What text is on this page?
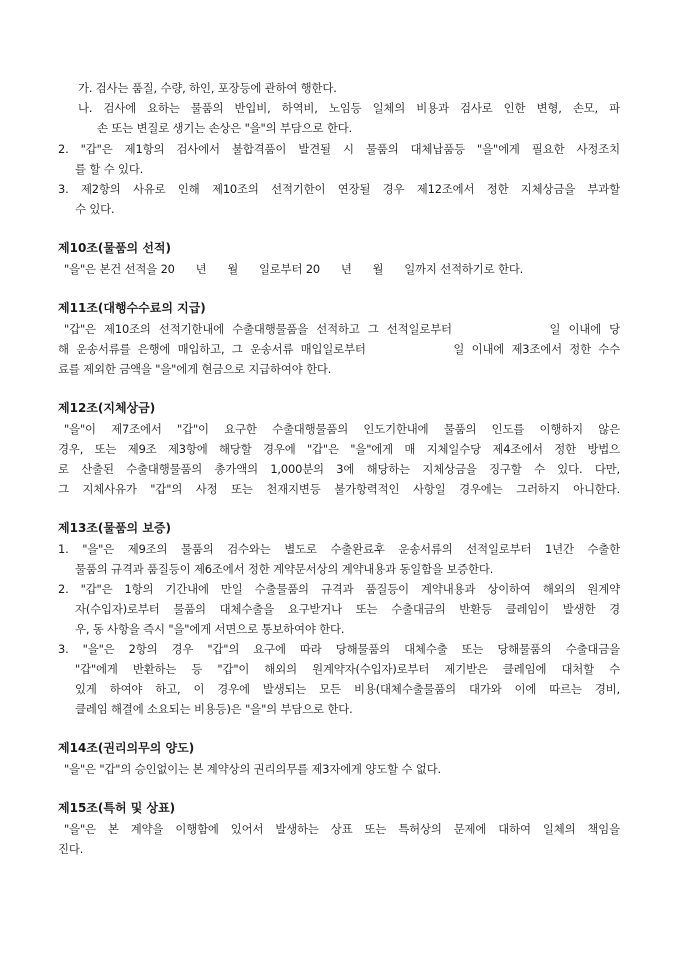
가. 검사는 품질, 수량, 하인, 포장등에 관하여 행한다.
나. 검사에 요하는 물품의 반입비, 하역비, 노임등 일체의 비용과 검사로 인한 변형, 손모, 파
손 또는 변질로 생기는 손상은 "을"의 부담으로 한다.
2. "갑"은 제1항의 검사에서 불합격품이 발견될 시 물품의 대체납품등 "을"에게 필요한 사정조치
를 할 수 있다.
3. 제2항의 사유로 인해 제10조의 선적기한이 연장될 경우 제12조에서 정한 지체상금을 부과할
수 있다.
제10조(물품의 선적)
"을"은 본건 선적을 20      년      월      일로부터 20      년      월      일까지 선적하기로 한다.
제11조(대행수수료의 지급)
"갑"은 제10조의 선적기한내에 수출대행물품을 선적하고 그 선적일로부터            일 이내에 당
해 운송서류를 은행에 매입하고, 그 운송서류 매입일로부터            일 이내에 제3조에서 정한 수수
료를 제외한 금액을 "을"에게 현금으로 지급하여야 한다.
제12조(지체상금)
"을"이 제7조에서 "갑"이 요구한 수출대행물품의 인도기한내에 물품의 인도를 이행하지 않은
경우, 또는 제9조 제3항에 해당할 경우에 "갑"은 "을"에게 매 지체일수당 제4조에서 정한 방법으
로 산출된 수출대행물품의 총가액의 1,000분의 3에 해당하는 지체상금을 징구할 수 있다. 다만,
그 지체사유가 "갑"의 사정 또는 천재지변등 불가항력적인 사항일 경우에는 그러하지 아니한다.
제13조(물품의 보증)
1. "을"은 제9조의 물품의 검수와는 별도로 수출완료후 운송서류의 선적일로부터 1년간 수출한
물품의 규격과 품질등이 제6조에서 정한 계약문서상의 계약내용과 동일함을 보증한다.
2. "갑"은 1항의 기간내에 만일 수출물품의 규격과 품질등이 계약내용과 상이하여 해외의 원계약
자(수입자)로부터 물품의 대체수출을 요구받거나 또는 수출대금의 반환등 클레임이 발생한 경
우, 동 사항을 즉시 "을"에게 서면으로 통보하여야 한다.
3. "을"은 2항의 경우 "갑"의 요구에 따라 당해물품의 대체수출 또는 당해물품의 수출대금을
"갑"에게 반환하는 등 "갑"이 해외의 원계약자(수입자)로부터 제기받은 클레임에 대처할 수
있게 하여야 하고, 이 경우에 발생되는 모든 비용(대체수출물품의 대가와 이에 따르는 경비,
클레임 해결에 소요되는 비용등)은 "을"의 부담으로 한다.
제14조(권리의무의 양도)
"을"은 "갑"의 승인없이는 본 계약상의 권리의무를 제3자에게 양도할 수 없다.
제15조(특허 및 상표)
"을"은 본 계약을 이행함에 있어서 발생하는 상표 또는 특허상의 문제에 대하여 일체의 책임을
진다.
